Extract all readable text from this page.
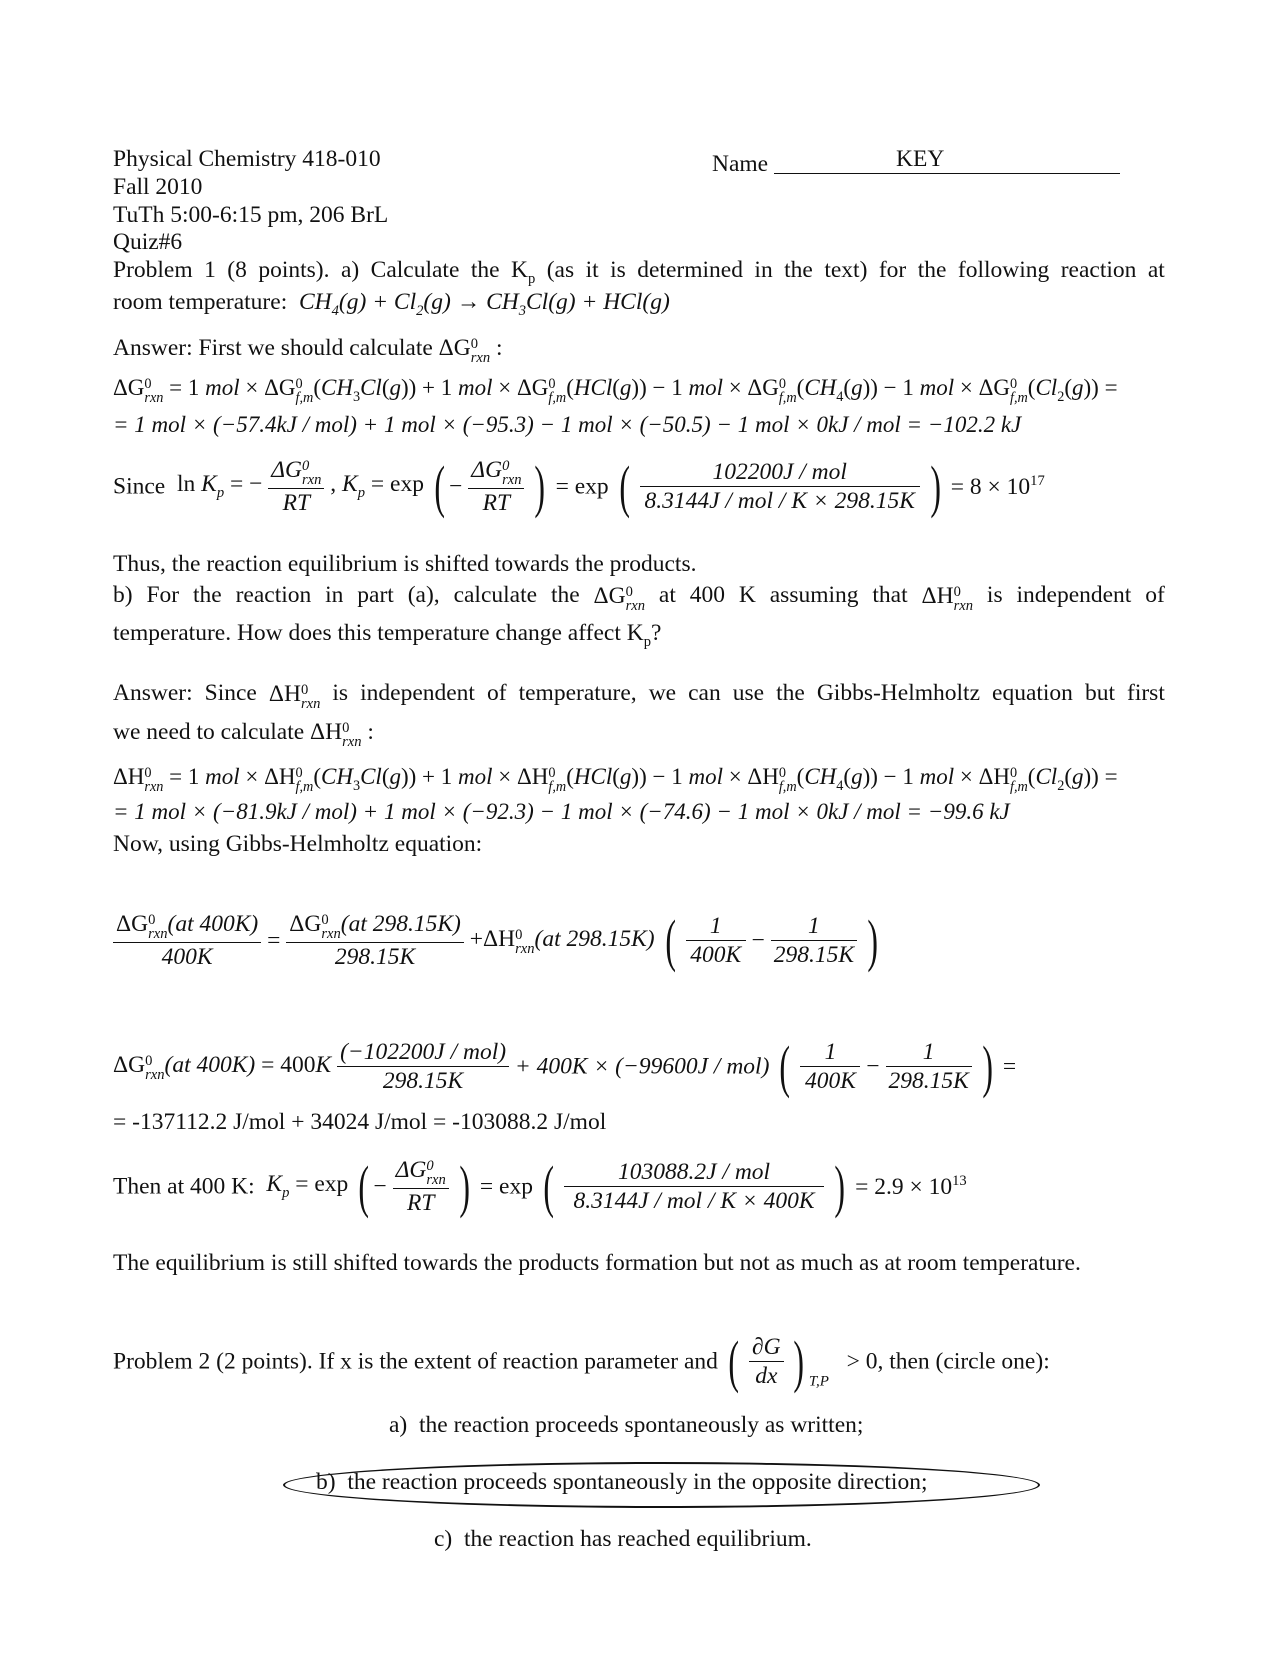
Physical Chemistry 418-010
Fall 2010
TuTh 5:00-6:15 pm, 206 BrL
Quiz#6
Name	KEY
Problem 1 (8 points). a) Calculate the $K_p$ (as it is determined in the text) for the following reaction at
room temperature:  $CH_4(g) + Cl_2(g) \to CH_3Cl(g) + HCl(g)$
Answer: First we should calculate ΔG 0
rxn :
ΔG 0
rxn = 1 mol × ΔG 0
f,m $(CH_3Cl(g)) + 1$ mol × ΔG 0
f,m (HCl(g)) − 1 mol × ΔG 0
f,m $(CH_4(g)) - 1$ mol × ΔG 0
f,m $(Cl_2(g))$ =
= 1 mol × (−57.4kJ / mol) + 1 mol × (−95.3) − 1 mol × (−50.5) − 1 mol × 0kJ / mol = −102.2 kJ
Since  $\ln K_p$ = − ΔG 0
rxn
RT , $K_p = \exp$ ( − ΔG 0
rxn
RT ) = exp ( $\frac{\text{102200J / mol}}{\text{8.3144J / mol / K × 298.15K}}$ ) = $8 \times 10^{17}$
Thus, the reaction equilibrium is shifted towards the products.
b) For the reaction in part (a), calculate the ΔG 0
rxn at 400 K assuming that ΔH 0
rxn is independent of
temperature. How does this temperature change affect $K_p$?
Answer: Since ΔH 0
rxn is independent of temperature, we can use the Gibbs-Helmholtz equation but first
we need to calculate ΔH 0
rxn :
ΔH 0
rxn = 1 mol × ΔH 0
f,m $(CH_3Cl(g)) + 1$ mol × ΔH 0
f,m (HCl(g)) − 1 mol × ΔH 0
f,m $(CH_4(g)) - 1$ mol × ΔH 0
f,m $(Cl_2(g))$ =
= 1 mol × (−81.9kJ / mol) + 1 mol × (−92.3) − 1 mol × (−74.6) − 1 mol × 0kJ / mol = −99.6 kJ
Now, using Gibbs-Helmholtz equation:
ΔG 0
rxn (at 400K)
400K = ΔG 0
rxn (at 298.15K)
298.15K +ΔH 0
rxn (at 298.15K) ( $\frac{1}{400K} - \frac{1}{298.15K}$ )
ΔG 0
rxn (at $400K) = 400K \frac{\text{(−102200J / mol)}}{298.15K} + 400K \times (-99600J / mol)$ ( $\frac{1}{400K} - \frac{1}{298.15K}$ ) =
= -137112.2 J/mol + 34024 J/mol = -103088.2 J/mol
Then at 400 K: $K_p = \exp$ ( − ΔG 0
rxn
RT ) = exp ( $\frac{\text{103088.2J / mol}}{\text{8.3144J / mol / K × 400K}}$ ) = $2.9 \times 10^{13}$
The equilibrium is still shifted towards the products formation but not as much as at room temperature.
Problem 2 (2 points). If x is the extent of reaction parameter and ( $\frac{\partial G}{dx}$ ) $_{T,P}$   > 0, then (circle one):
a) the reaction proceeds spontaneously as written;
b) the reaction proceeds spontaneously in the opposite direction;
c) the reaction has reached equilibrium.
